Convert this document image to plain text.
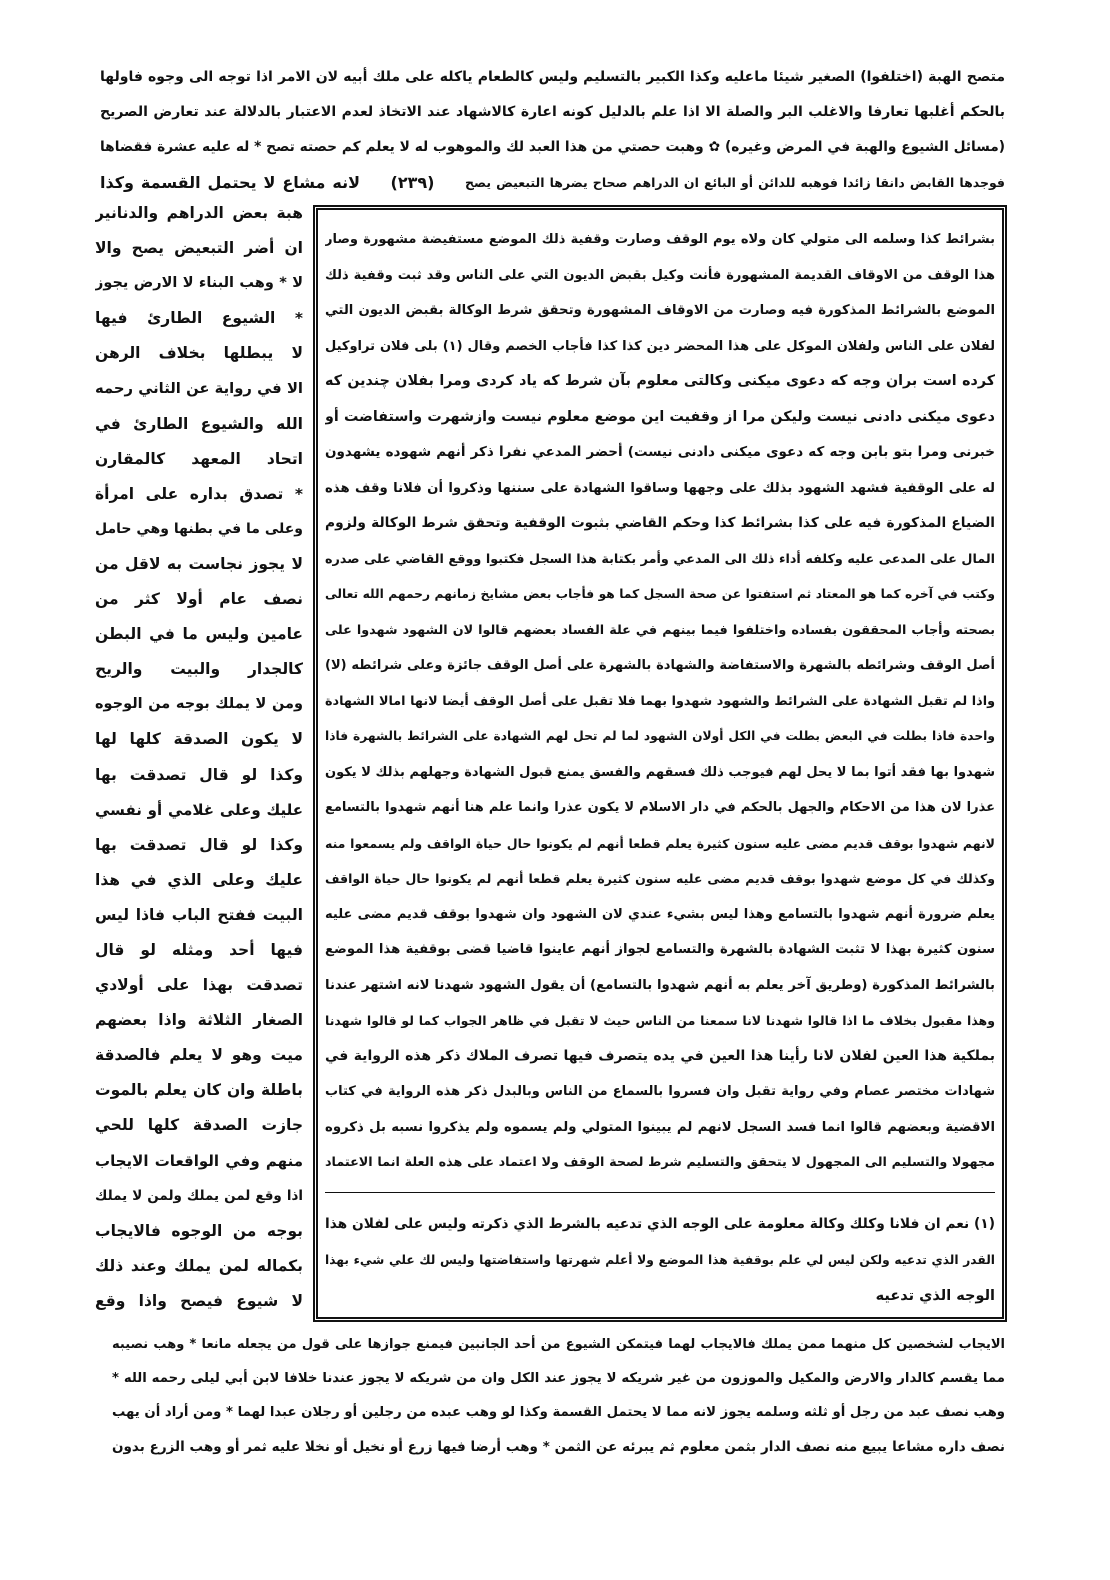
متصح الهبة (اختلفوا) الصغير شيئا ماعليه وكذا الكبير بالتسليم وليس كالطعام ياكله على ملك أبيه لان الامر اذا توجه الى وجوه فاولها
بالحكم أغلبها تعارفا والاغلب البر والصلة الا اذا علم بالدليل كونه اعارة كالاشهاد عند الاتخاذ لعدم الاعتبار بالدلالة عند تعارض الصريح
(مسائل الشيوع والهبة في المرض وغيره) ✿ وهبت حصتي من هذا العبد لك والموهوب له لا يعلم كم حصته تصح * له عليه عشرة فقضاها
فوجدها القابض دانقا زائدا فوهبه للدائن أو البائع ان الدراهم صحاح يضرها التبعيض يصح
(٢٣٩)
لانه مشاع لا يحتمل القسمة وكذا
بشرائط كذا وسلمه الى متولي كان ولاه يوم الوقف وصارت وقفية ذلك الموضع مستفيضة مشهورة وصار
هذا الوقف من الاوقاف القديمة المشهورة فأنت وكيل بقبض الديون التي على الناس وقد ثبت وقفية ذلك
الموضع بالشرائط المذكورة فيه وصارت من الاوقاف المشهورة وتحقق شرط الوكالة بقبض الديون التي
لفلان على الناس ولفلان الموكل على هذا المحضر دين كذا كذا فأجاب الخصم وقال (١) بلى فلان تراوكيل
كرده است بران وجه كه دعوى ميكنى وكالتى معلوم بآن شرط كه ياد كردى ومرا بفلان چندين كه
دعوى ميكنى دادنى نيست وليكن مرا از وقفيت اين موضع معلوم نيست وازشهرت واستفاضت أو
خبرنى ومرا بتو بابن وجه كه دعوى ميكنى دادنى نيست) أحضر المدعي نفرا ذكر أنهم شهوده يشهدون
له على الوقفية فشهد الشهود بذلك على وجهها وساقوا الشهادة على سننها وذكروا أن فلانا وقف هذه
الضياع المذكورة فيه على كذا بشرائط كذا وحكم القاضي بثبوت الوقفية وتحقق شرط الوكالة ولزوم
المال على المدعى عليه وكلفه أداء ذلك الى المدعي وأمر بكتابة هذا السجل فكتبوا ووقع القاضي على صدره
وكتب في آخره كما هو المعتاد ثم استفتوا عن صحة السجل كما هو فأجاب بعض مشايخ زمانهم رحمهم الله تعالى
بصحته وأجاب المحققون بفساده واختلفوا فيما بينهم في علة الفساد بعضهم قالوا لان الشهود شهدوا على
أصل الوقف وشرائطه بالشهرة والاستفاضة والشهادة بالشهرة على أصل الوقف جائزة وعلى شرائطه (لا)
واذا لم تقبل الشهادة على الشرائط والشهود شهدوا بهما فلا تقبل على أصل الوقف أيضا لانها امالا الشهادة
واحدة فاذا بطلت في البعض بطلت في الكل أولان الشهود لما لم تحل لهم الشهادة على الشرائط بالشهرة فاذا
شهدوا بها فقد أتوا بما لا يحل لهم فيوجب ذلك فسقهم والفسق يمنع قبول الشهادة وجهلهم بذلك لا يكون
عذرا لان هذا من الاحكام والجهل بالحكم في دار الاسلام لا يكون عذرا وانما علم هنا أنهم شهدوا بالتسامع
لانهم شهدوا بوقف قديم مضى عليه سنون كثيرة يعلم قطعا أنهم لم يكونوا حال حياة الواقف ولم يسمعوا منه
وكذلك في كل موضع شهدوا بوقف قديم مضى عليه سنون كثيرة يعلم قطعا أنهم لم يكونوا حال حياة الواقف
يعلم ضرورة أنهم شهدوا بالتسامع وهذا ليس بشيء عندي لان الشهود وان شهدوا بوقف قديم مضى عليه
سنون كثيرة بهذا لا تثبت الشهادة بالشهرة والتسامع لجواز أنهم عاينوا قاضيا قضى بوقفية هذا الموضع
بالشرائط المذكورة (وطريق آخر يعلم به أنهم شهدوا بالتسامع) أن يقول الشهود شهدنا لانه اشتهر عندنا
وهذا مقبول بخلاف ما اذا قالوا شهدنا لانا سمعنا من الناس حيث لا تقبل في ظاهر الجواب كما لو قالوا شهدنا
بملكية هذا العين لفلان لانا رأينا هذا العين في يده يتصرف فيها تصرف الملاك ذكر هذه الرواية في
شهادات مختصر عصام وفي رواية تقبل وان فسروا بالسماع من الناس وبالبدل ذكر هذه الرواية في كتاب
الاقضية وبعضهم قالوا انما فسد السجل لانهم لم يبينوا المتولي ولم يسموه ولم يذكروا نسبه بل ذكروه
مجهولا والتسليم الى المجهول لا يتحقق والتسليم شرط لصحة الوقف ولا اعتماد على هذه العلة انما الاعتماد
(١) نعم ان فلانا وكلك وكالة معلومة على الوجه الذي تدعيه بالشرط الذي ذكرته وليس على لفلان هذا
القدر الذي تدعيه ولكن ليس لي علم بوقفية هذا الموضع ولا أعلم شهرتها واستفاضتها وليس لك علي شيء بهذا
الوجه الذي تدعيه
هبة بعض الدراهم والدنانير
ان أضر التبعيض يصح والا
لا * وهب البناء لا الارض يجوز
* الشيوع الطارئ فيها
لا يبطلها بخلاف الرهن
الا في رواية عن الثاني رحمه
الله والشيوع الطارئ في
اتحاد المعهد كالمقارن
* تصدق بداره على امرأة
وعلى ما في بطنها وهي حامل
لا يجوز نجاست به لاقل من
نصف عام أولا كثر من
عامين وليس ما في البطن
كالجدار والبيت والريح
ومن لا يملك بوجه من الوجوه
لا يكون الصدقة كلها لها
وكذا لو قال تصدقت بها
عليك وعلى غلامي أو نفسي
وكذا لو قال تصدقت بها
عليك وعلى الذي في هذا
البيت ففتح الباب فاذا ليس
فيها أحد ومثله لو قال
تصدقت بهذا على أولادي
الصغار الثلاثة واذا بعضهم
ميت وهو لا يعلم فالصدقة
باطلة وان كان يعلم بالموت
جازت الصدقة كلها للحي
منهم وفي الواقعات الايجاب
اذا وقع لمن يملك ولمن لا يملك
بوجه من الوجوه فالايجاب
بكماله لمن يملك وعند ذلك
لا شيوع فيصح واذا وقع
الايجاب لشخصين كل منهما ممن يملك فالايجاب لهما فيتمكن الشيوع من أحد الجانبين فيمنع جوازها على قول من يجعله مانعا * وهب نصيبه
مما يقسم كالدار والارض والمكيل والموزون من غير شريكه لا يجوز عند الكل وان من شريكه لا يجوز عندنا خلافا لابن أبي ليلى رحمه الله *
وهب نصف عبد من رجل أو ثلثه وسلمه يجوز لانه مما لا يحتمل القسمة وكذا لو وهب عبده من رجلين أو رجلان عبدا لهما * ومن أراد أن يهب
نصف داره مشاعا يبيع منه نصف الدار بثمن معلوم ثم يبرئه عن الثمن * وهب أرضا فيها زرع أو نخيل أو نخلا عليه ثمر أو وهب الزرع بدون
